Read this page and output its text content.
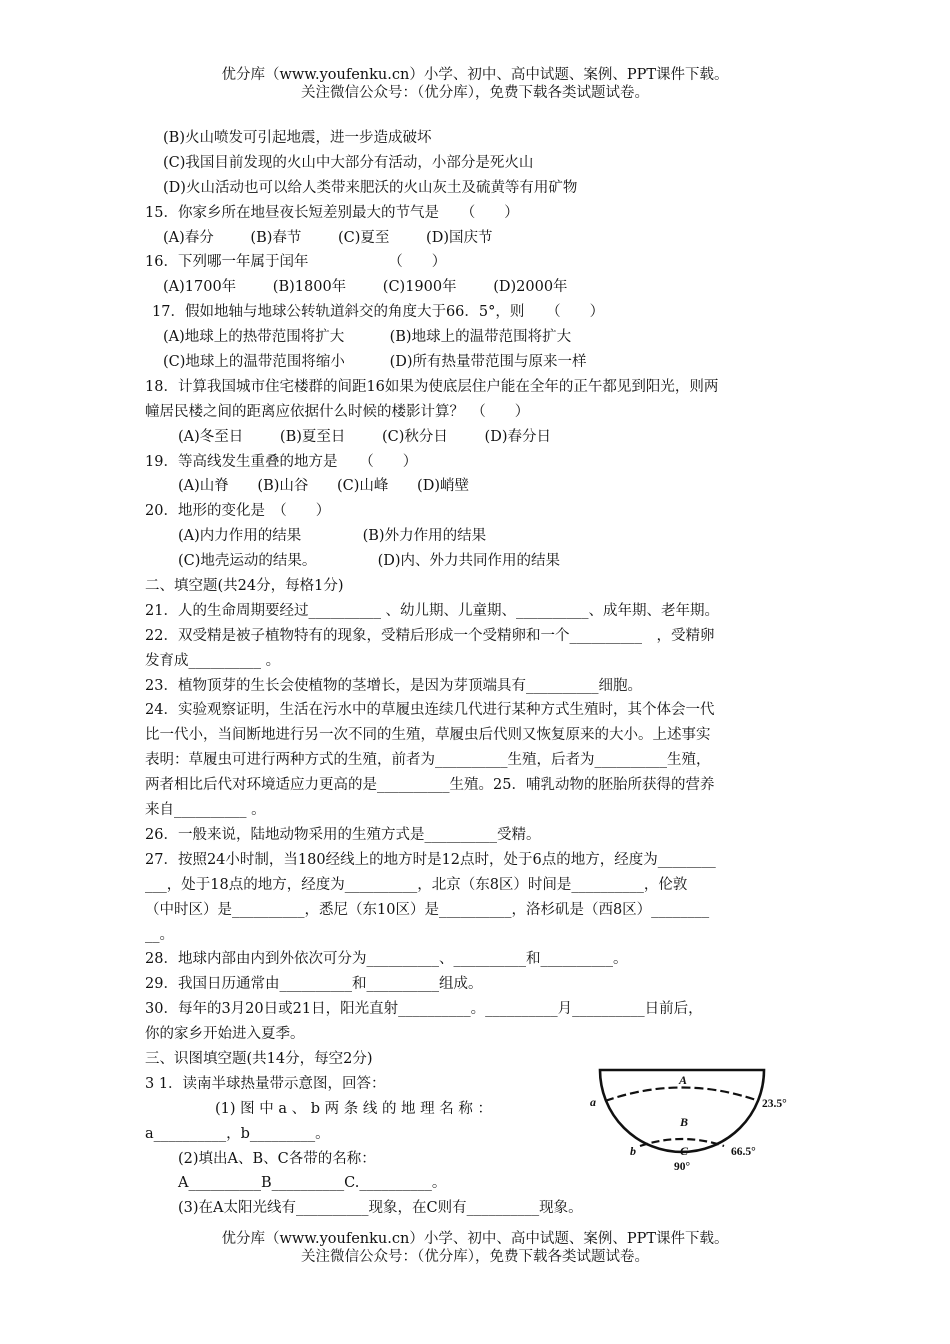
优分库（www.youfenku.cn）小学、初中、高中试题、案例、PPT课件下载。
关注微信公众号：（优分库），免费下载各类试题试卷。
(B)火山喷发可引起地震，进一步造成破坏
(C)我国目前发现的火山中大部分有活动，小部分是死火山
(D)火山活动也可以给人类带来肥沃的火山灰土及硫黄等有用矿物
15．你家乡所在地昼夜长短差别最大的节气是　　（　　）
(A)春分	(B)春节	(C)夏至	(D)国庆节
16．下列哪一年属于闰年　　　　　　（　　）
(A)1700年	(B)1800年	(C)1900年	(D)2000年
17．假如地轴与地球公转轨道斜交的角度大于66．5°，则　　（　　）
(A)地球上的热带范围将扩大	(B)地球上的温带范围将扩大
(C)地球上的温带范围将缩小	(D)所有热量带范围与原来一样
18．计算我国城市住宅楼群的间距16如果为使底层住户能在全年的正午都见到阳光，则两
幢居民楼之间的距离应依据什么时候的楼影计算？　（　　）
(A)冬至日	(B)夏至日	(C)秋分日	(D)春分日
19．等高线发生重叠的地方是　　（　　）
(A)山脊 (B)山谷 (C)山峰 (D)峭壁
20．地形的变化是　（　　）
(A)内力作用的结果	(B)外力作用的结果
(C)地壳运动的结果。	(D)内、外力共同作用的结果
二、填空题(共24分，每格1分)
21．人的生命周期要经过__________ 、幼儿期、儿童期、__________、成年期、老年期。
22．双受精是被子植物特有的现象，受精后形成一个受精卵和一个__________　，受精卵
发育成__________ 。
23．植物顶芽的生长会使植物的茎增长，是因为芽顶端具有__________细胞。
24．实验观察证明，生活在污水中的草履虫连续几代进行某种方式生殖时，其个体会一代
比一代小，当间断地进行另一次不同的生殖，草履虫后代则又恢复原来的大小。上述事实
表明：草履虫可进行两种方式的生殖，前者为__________生殖，后者为__________生殖，
两者相比后代对环境适应力更高的是__________生殖。25．哺乳动物的胚胎所获得的营养
来自__________ 。
26．一般来说，陆地动物采用的生殖方式是__________受精。
27．按照24小时制，当180经线上的地方时是12点时，处于6点的地方，经度为________
___，处于18点的地方，经度为__________，北京（东8区）时间是__________，伦敦
（中时区）是__________，悉尼（东10区）是__________，洛杉矶是（西8区）________
__。
28．地球内部由内到外依次可分为__________、__________和__________。
29．我国日历通常由__________和__________组成。
30．每年的3月20日或21日，阳光直射__________。__________月__________日前后，
你的家乡开始进入夏季。
三、识图填空题(共14分，每空2分)
3 1．读南半球热量带示意图，回答：
(1) 图 中 a 、 b 两 条 线 的 地 理 名 称 ：
a__________，b_________。
(2)填出A、B、C各带的名称：
A__________B__________C.__________。
(3)在A太阳光线有__________现象，在C则有__________现象。
A
B
C
a
b
23.5°
66.5°
90°
优分库（www.youfenku.cn）小学、初中、高中试题、案例、PPT课件下载。
关注微信公众号：（优分库），免费下载各类试题试卷。
